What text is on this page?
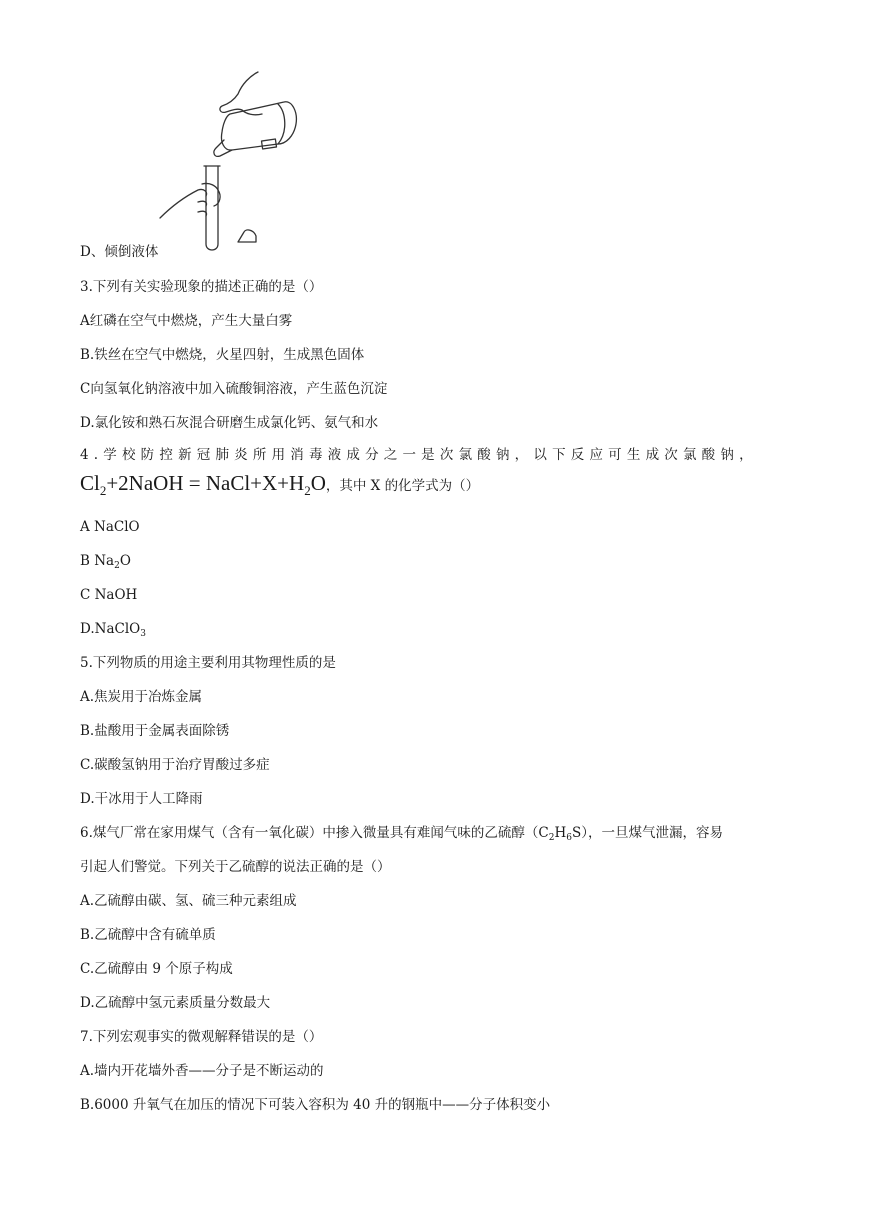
D、倾倒液体
3.下列有关实验现象的描述正确的是（）
A红磷在空气中燃烧，产生大量白雾
B.铁丝在空气中燃烧，火星四射，生成黑色固体
C向氢氧化钠溶液中加入硫酸铜溶液，产生蓝色沉淀
D.氯化铵和熟石灰混合研磨生成氯化钙、氨气和水
4.学校防控新冠肺炎所用消毒液成分之一是次氯酸钠，以下反应可生成次氯酸钠，
$Cl_2+2NaOH$ = $NaCl+X+H_2O$，其中 X 的化学式为（）
A NaClO
B $Na_2O$
C NaOH
D.NaClO$_3$
5.下列物质的用途主要利用其物理性质的是
A.焦炭用于冶炼金属
B.盐酸用于金属表面除锈
C.碳酸氢钠用于治疗胃酸过多症
D.干冰用于人工降雨
6.煤气厂常在家用煤气（含有一氧化碳）中掺入微量具有难闻气味的乙硫醇$(C_2H_6S)$，一旦煤气泄漏，容易
引起人们警觉。下列关于乙硫醇的说法正确的是（）
A.乙硫醇由碳、氢、硫三种元素组成
B.乙硫醇中含有硫单质
C.乙硫醇由 9 个原子构成
D.乙硫醇中氢元素质量分数最大
7.下列宏观事实的微观解释错误的是（）
A.墙内开花墙外香——分子是不断运动的
B.6000 升氧气在加压的情况下可装入容积为 40 升的钢瓶中——分子体积变小
